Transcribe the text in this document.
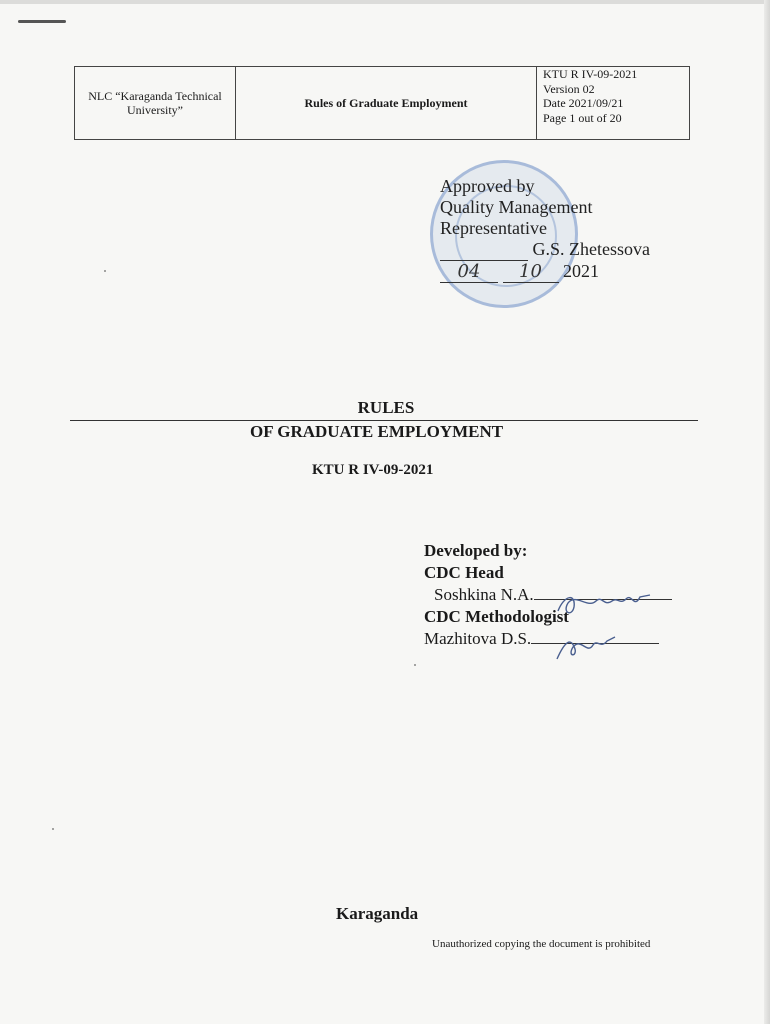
NLC “Karaganda Technical University”	Rules of Graduate Employment
KTU R IV-09-2021
Version 02
Date 2021/09/21
Page 1 out of 20
Approved by
Quality Management
Representative
G.S. Zhetessova
04 10 2021
RULES
OF GRADUATE EMPLOYMENT
KTU R IV-09-2021
Developed by:
CDC Head
Soshkina N.A.
CDC Methodologist
Mazhitova D.S.
Karaganda
Unauthorized copying the document is prohibited
